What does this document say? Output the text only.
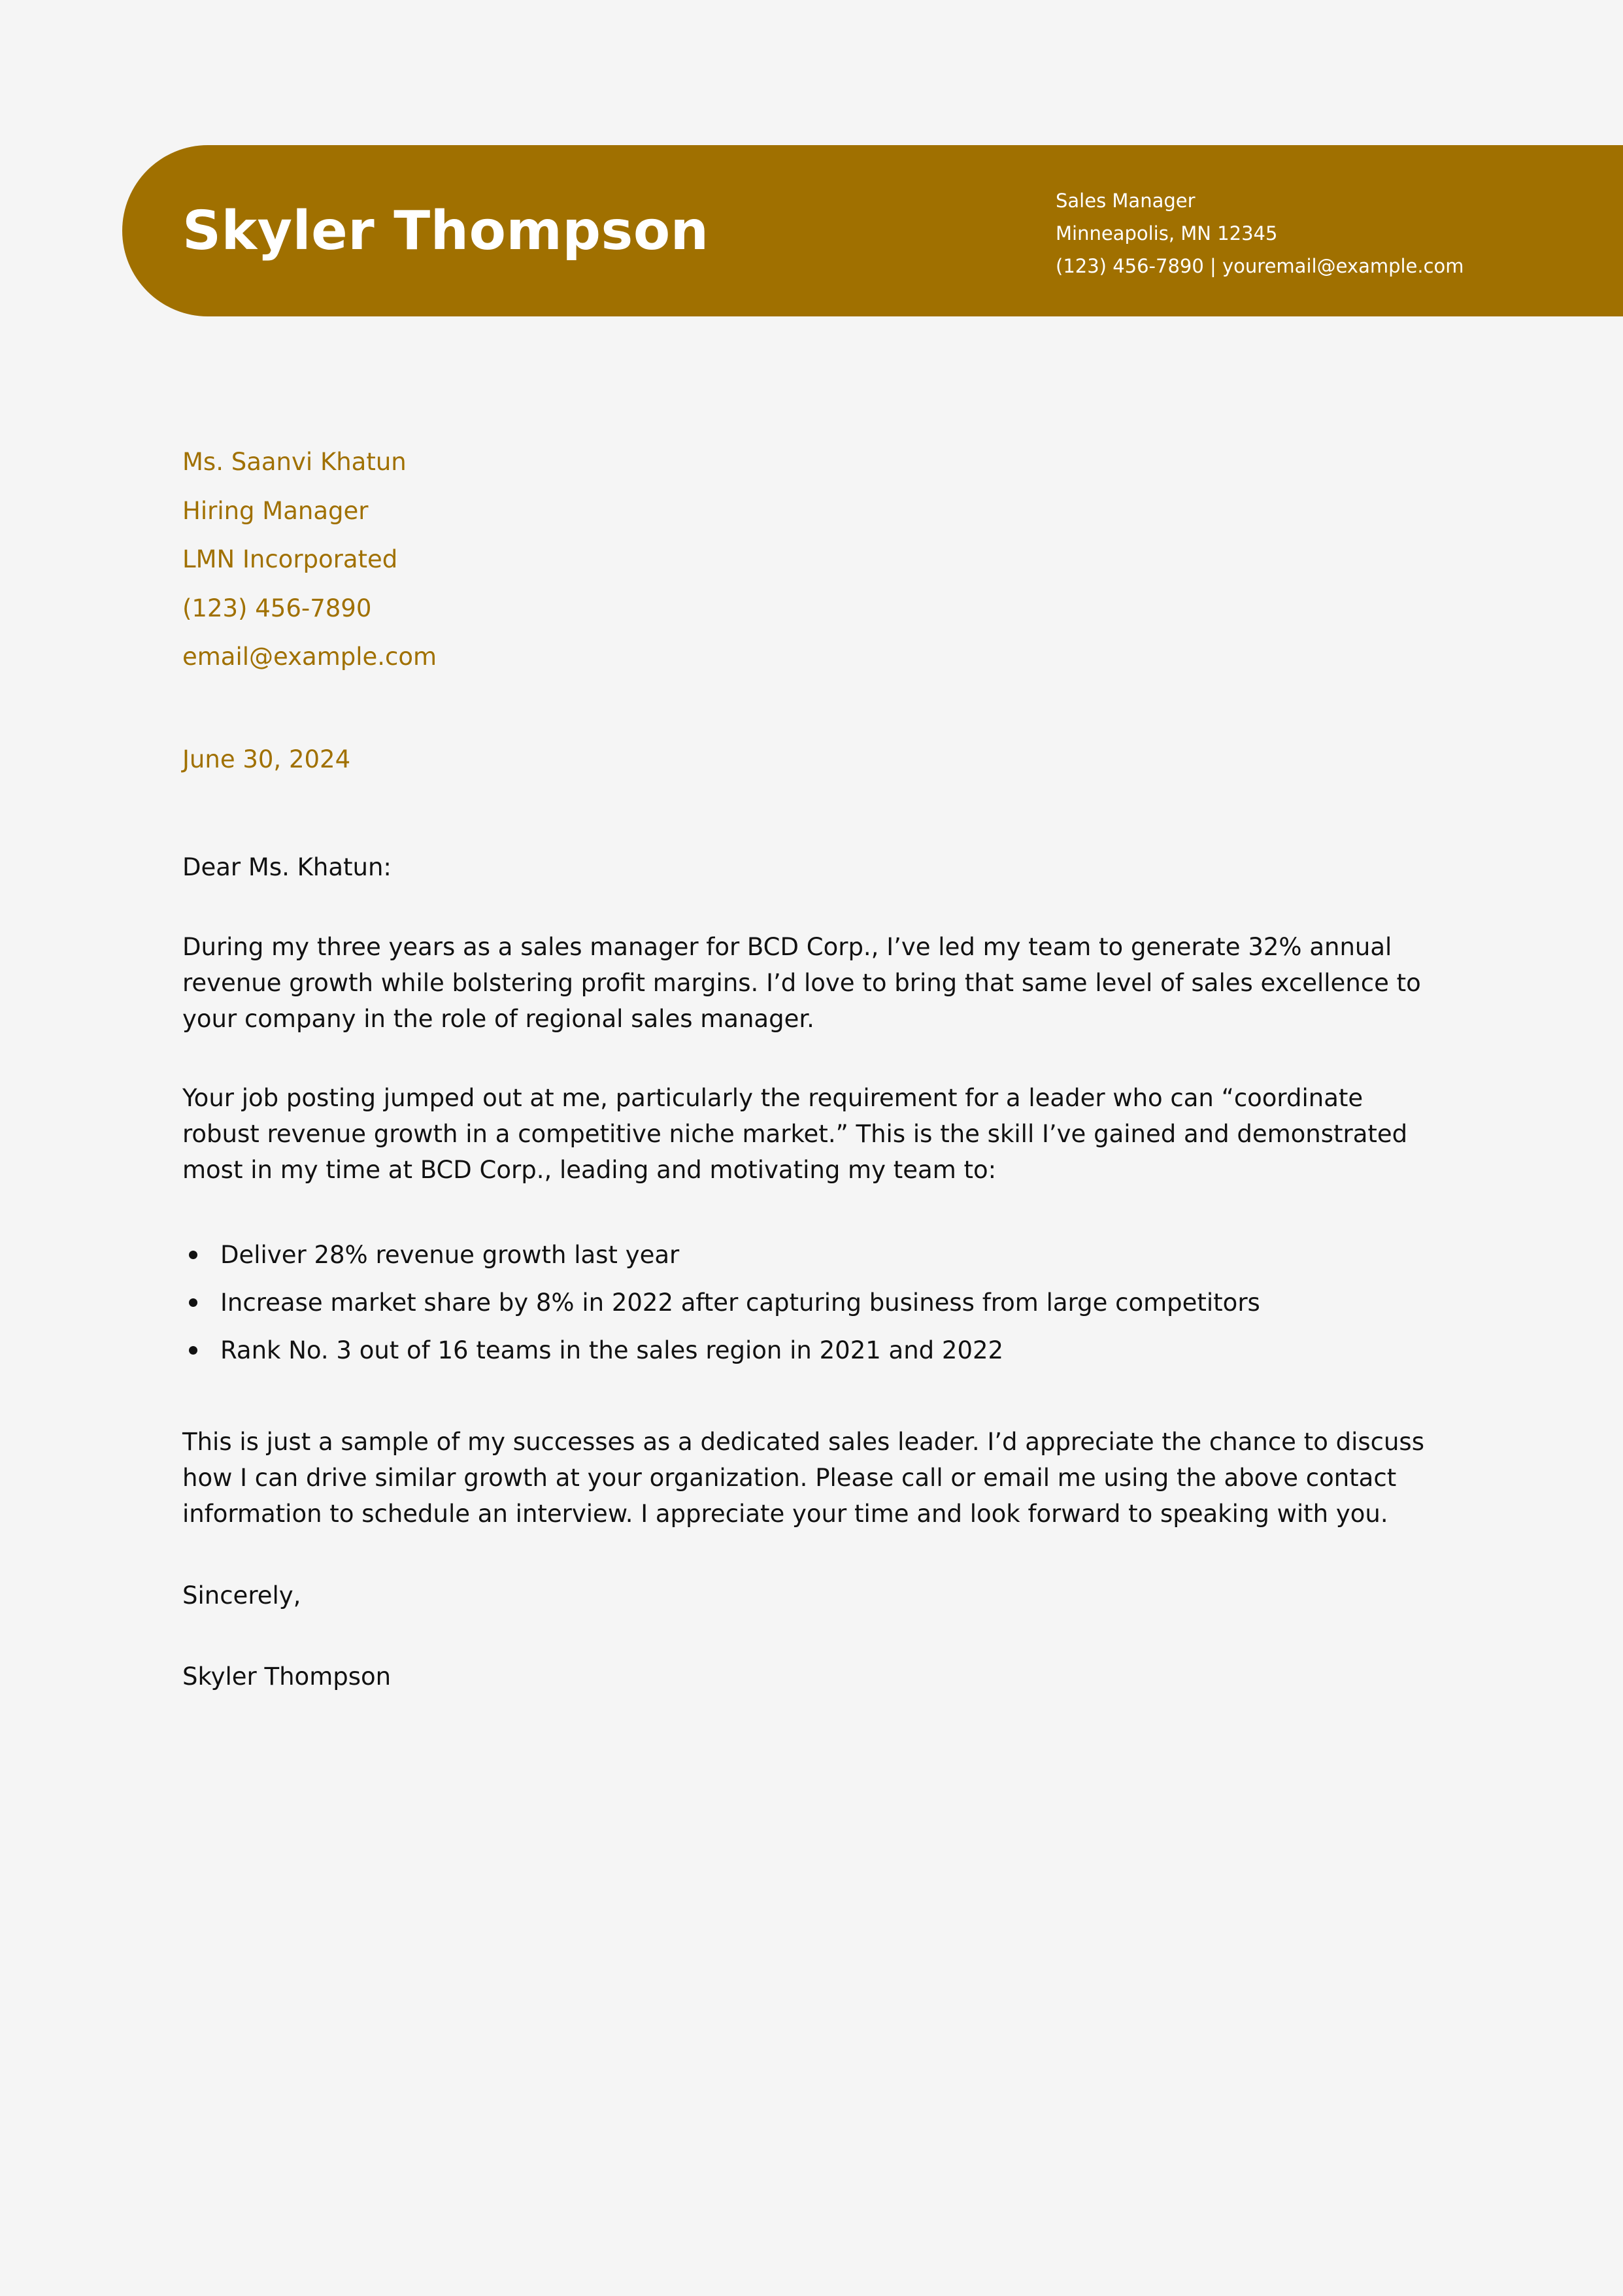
Skyler Thompson	Sales Manager
Minneapolis, MN 12345
(123) 456-7890 | youremail@example.com
Ms. Saanvi Khatun
Hiring Manager
LMN Incorporated
(123) 456-7890
email@example.com
June 30, 2024
Dear Ms. Khatun:
During my three years as a sales manager for BCD Corp., I’ve led my team to generate 32% annual revenue growth while bolstering profit margins. I’d love to bring that same level of sales excellence to your company in the role of regional sales manager.
Your job posting jumped out at me, particularly the requirement for a leader who can “coordinate robust revenue growth in a competitive niche market.” This is the skill I’ve gained and demonstrated most in my time at BCD Corp., leading and motivating my team to:
Deliver 28% revenue growth last year
Increase market share by 8% in 2022 after capturing business from large competitors
Rank No. 3 out of 16 teams in the sales region in 2021 and 2022
This is just a sample of my successes as a dedicated sales leader. I’d appreciate the chance to discuss how I can drive similar growth at your organization. Please call or email me using the above contact information to schedule an interview. I appreciate your time and look forward to speaking with you.
Sincerely,
Skyler Thompson
